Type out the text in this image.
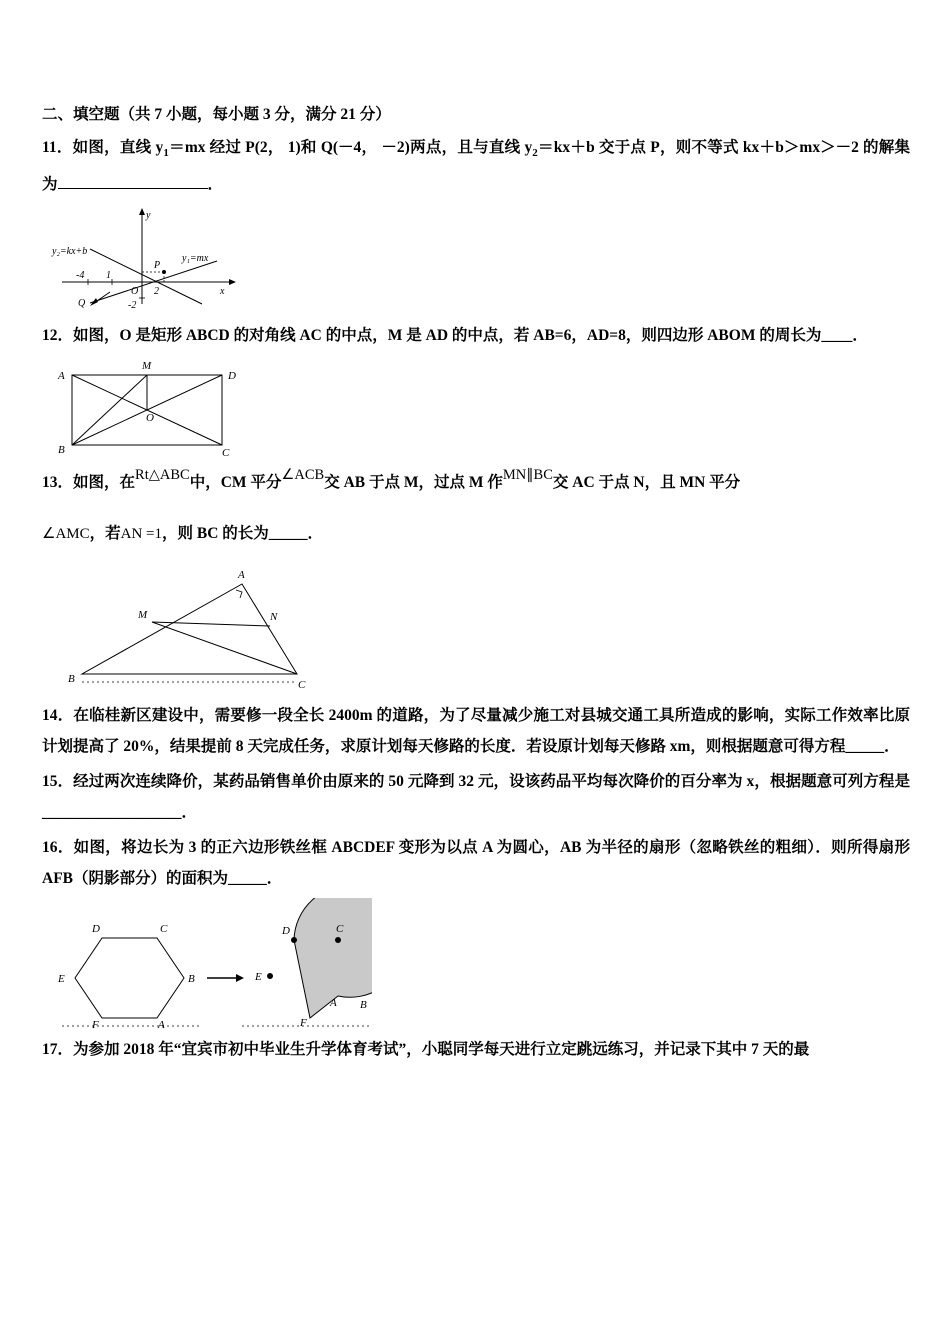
二、填空题（共 7 小题，每小题 3 分，满分 21 分）
11．如图，直线 $y_1=mx$ 经过 P(2， 1)和 Q(－4， －2)两点，且与直线 $y_2=kx+b$ 交于点 P，则不等式 kx＋b＞mx＞－2 的解集为	．
y
x
O
y₂=kx+b
y₁=mx
P
Q
-4 1
2
-2
12．如图，O 是矩形 ABCD 的对角线 AC 的中点，M 是 AD 的中点，若 AB=6，AD=8，则四边形 ABOM 的周长为____．
A
M
D
O
B	C
13．如图，在Rt△ABC中，CM 平分∠ACB交 AB 于点 M，过点 M 作MN∥BC交 AC 于点 N，且 MN 平分
∠AMC，若AN =1，则 BC 的长为_____．
A
M	N
B	C
14．在临桂新区建设中，需要修一段全长 2400m 的道路，为了尽量减少施工对县城交通工具所造成的影响，实际工作效率比原计划提高了 20%，结果提前 8 天完成任务，求原计划每天修路的长度．若设原计划每天修路 xm，则根据题意可得方程_____．
15．经过两次连续降价，某药品销售单价由原来的 50 元降到 32 元，设该药品平均每次降价的百分率为 x，根据题意可列方程是__________________．
16．如图，将边长为 3 的正六边形铁丝框 ABCDEF 变形为以点 A 为圆心，AB 为半径的扇形（忽略铁丝的粗细）．则所得扇形 AFB（阴影部分）的面积为_____．
D	C
E	B
F	A
D	C
E
A B
F
17．为参加 2018 年“宜宾市初中毕业生升学体育考试”，小聪同学每天进行立定跳远练习，并记录下其中 7 天的最
